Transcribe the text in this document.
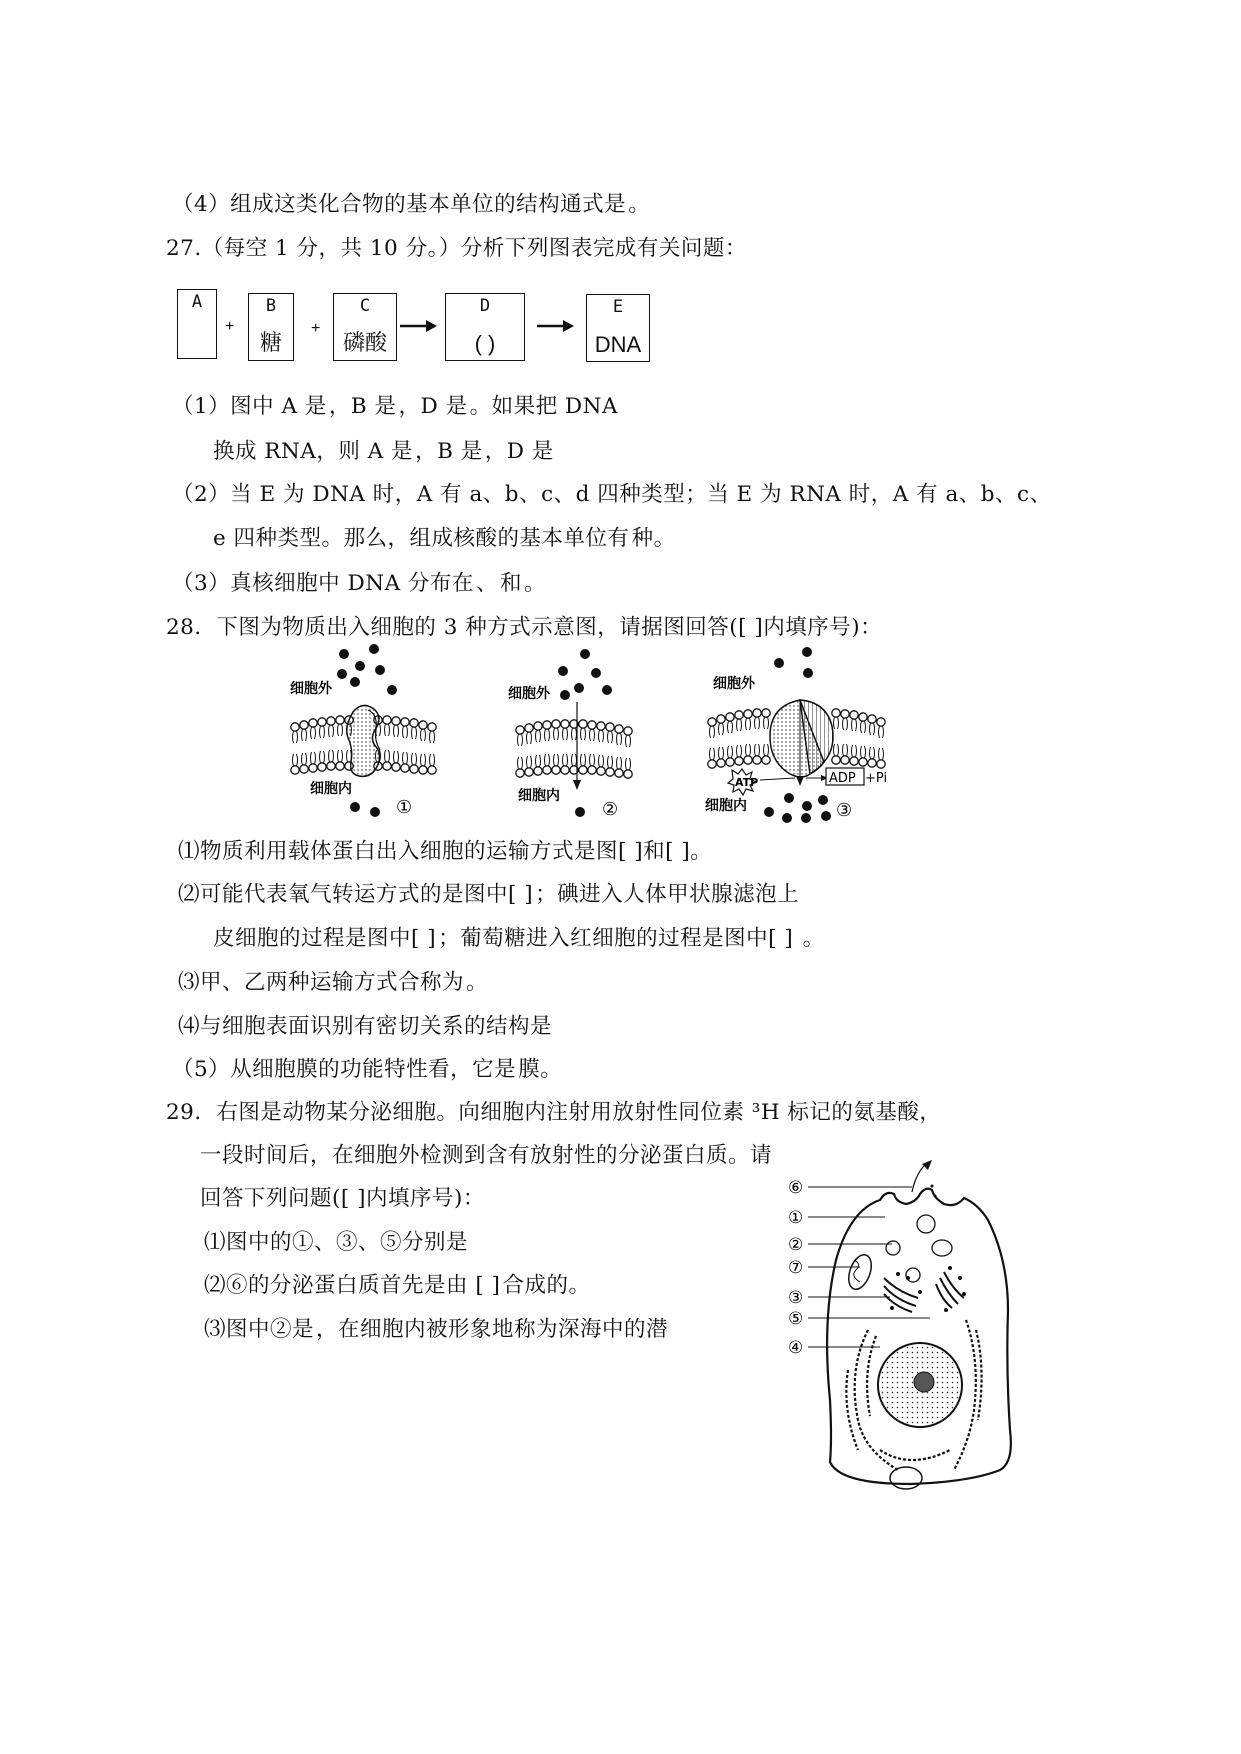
（4）组成这类化合物的基本单位的结构通式是。
27.（每空 1 分，共 10 分。）分析下列图表完成有关问题：
A
+
B
糖
+
C
磷酸
D
( )
E
DNA
（1）图中 A 是，B 是，D 是。如果把 DNA
换成 RNA，则 A 是，B 是，D 是
（2）当 E 为 DNA 时，A 有 a、b、c、d 四种类型；当 E 为 RNA 时，A 有 a、b、c、
e 四种类型。那么，组成核酸的基本单位有种。
（3）真核细胞中 DNA 分布在、和。
28．下图为物质出入细胞的 3 种方式示意图，请据图回答([ ]内填序号)：
细胞外
细胞内
①
细胞外
细胞内
②
细胞外
细胞内
ATP	ADP +Pi
③
⑴物质利用载体蛋白出入细胞的运输方式是图[ ]和[ ]。
⑵可能代表氧气转运方式的是图中[ ]；碘进入人体甲状腺滤泡上
皮细胞的过程是图中[ ]；葡萄糖进入红细胞的过程是图中[ ] 。
⑶甲、乙两种运输方式合称为。
⑷与细胞表面识别有密切关系的结构是
（5）从细胞膜的功能特性看，它是膜。
29．右图是动物某分泌细胞。向细胞内注射用放射性同位素 ³H 标记的氨基酸，
一段时间后，在细胞外检测到含有放射性的分泌蛋白质。请
回答下列问题([ ]内填序号)：
⑴图中的①、③、⑤分别是
⑵⑥的分泌蛋白质首先是由 [ ]合成的。
⑶图中②是，在细胞内被形象地称为深海中的潜
⑥
①
②
⑦
③
⑤
④
